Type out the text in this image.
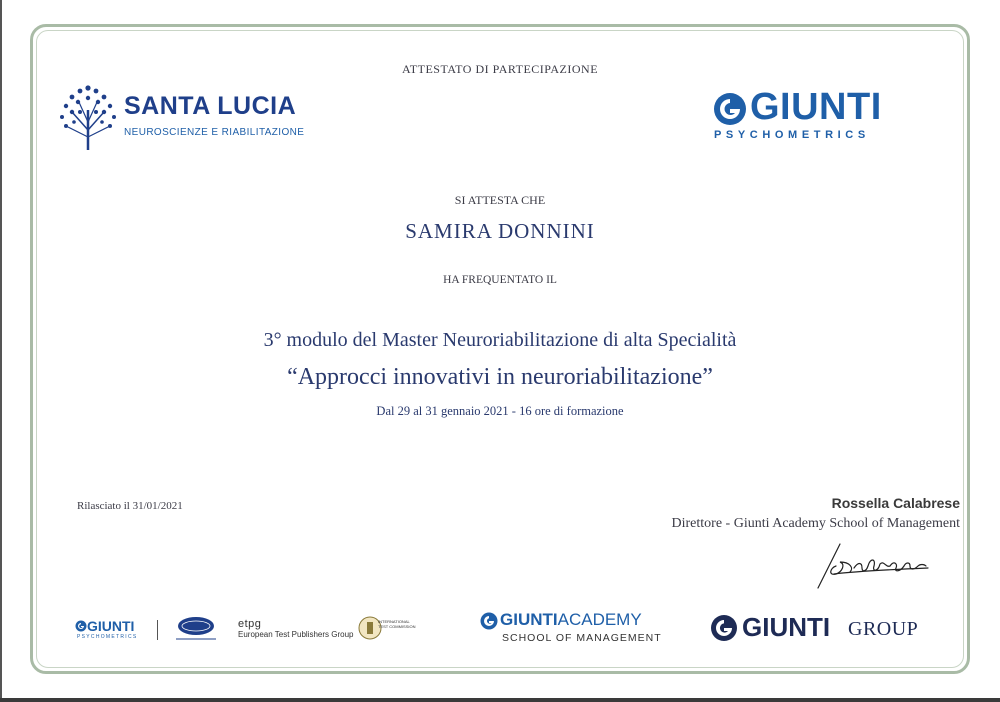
SANTA LUCIA
NEUROSCIENZE E RIABILITAZIONE
GIUNTI
PSYCHOMETRICS
ATTESTATO DI PARTECIPAZIONE
SI ATTESTA CHE
SAMIRA DONNINI
HA FREQUENTATO IL
3° modulo del Master Neuroriabilitazione di alta Specialità
“Approcci innovativi in neuroriabilitazione”
Dal 29 al 31 gennaio 2021 - 16 ore di formazione
Rilasciato il 31/01/2021	Rossella Calabrese
Direttore - Giunti Academy School of Management
GIUNTI
PSYCHOMETRICS
etpg
European Test Publishers Group
INTERNATIONAL TEST COMMISSION	GIUNTIACADEMY
SCHOOL OF MANAGEMENT	GIUNTI GROUP
